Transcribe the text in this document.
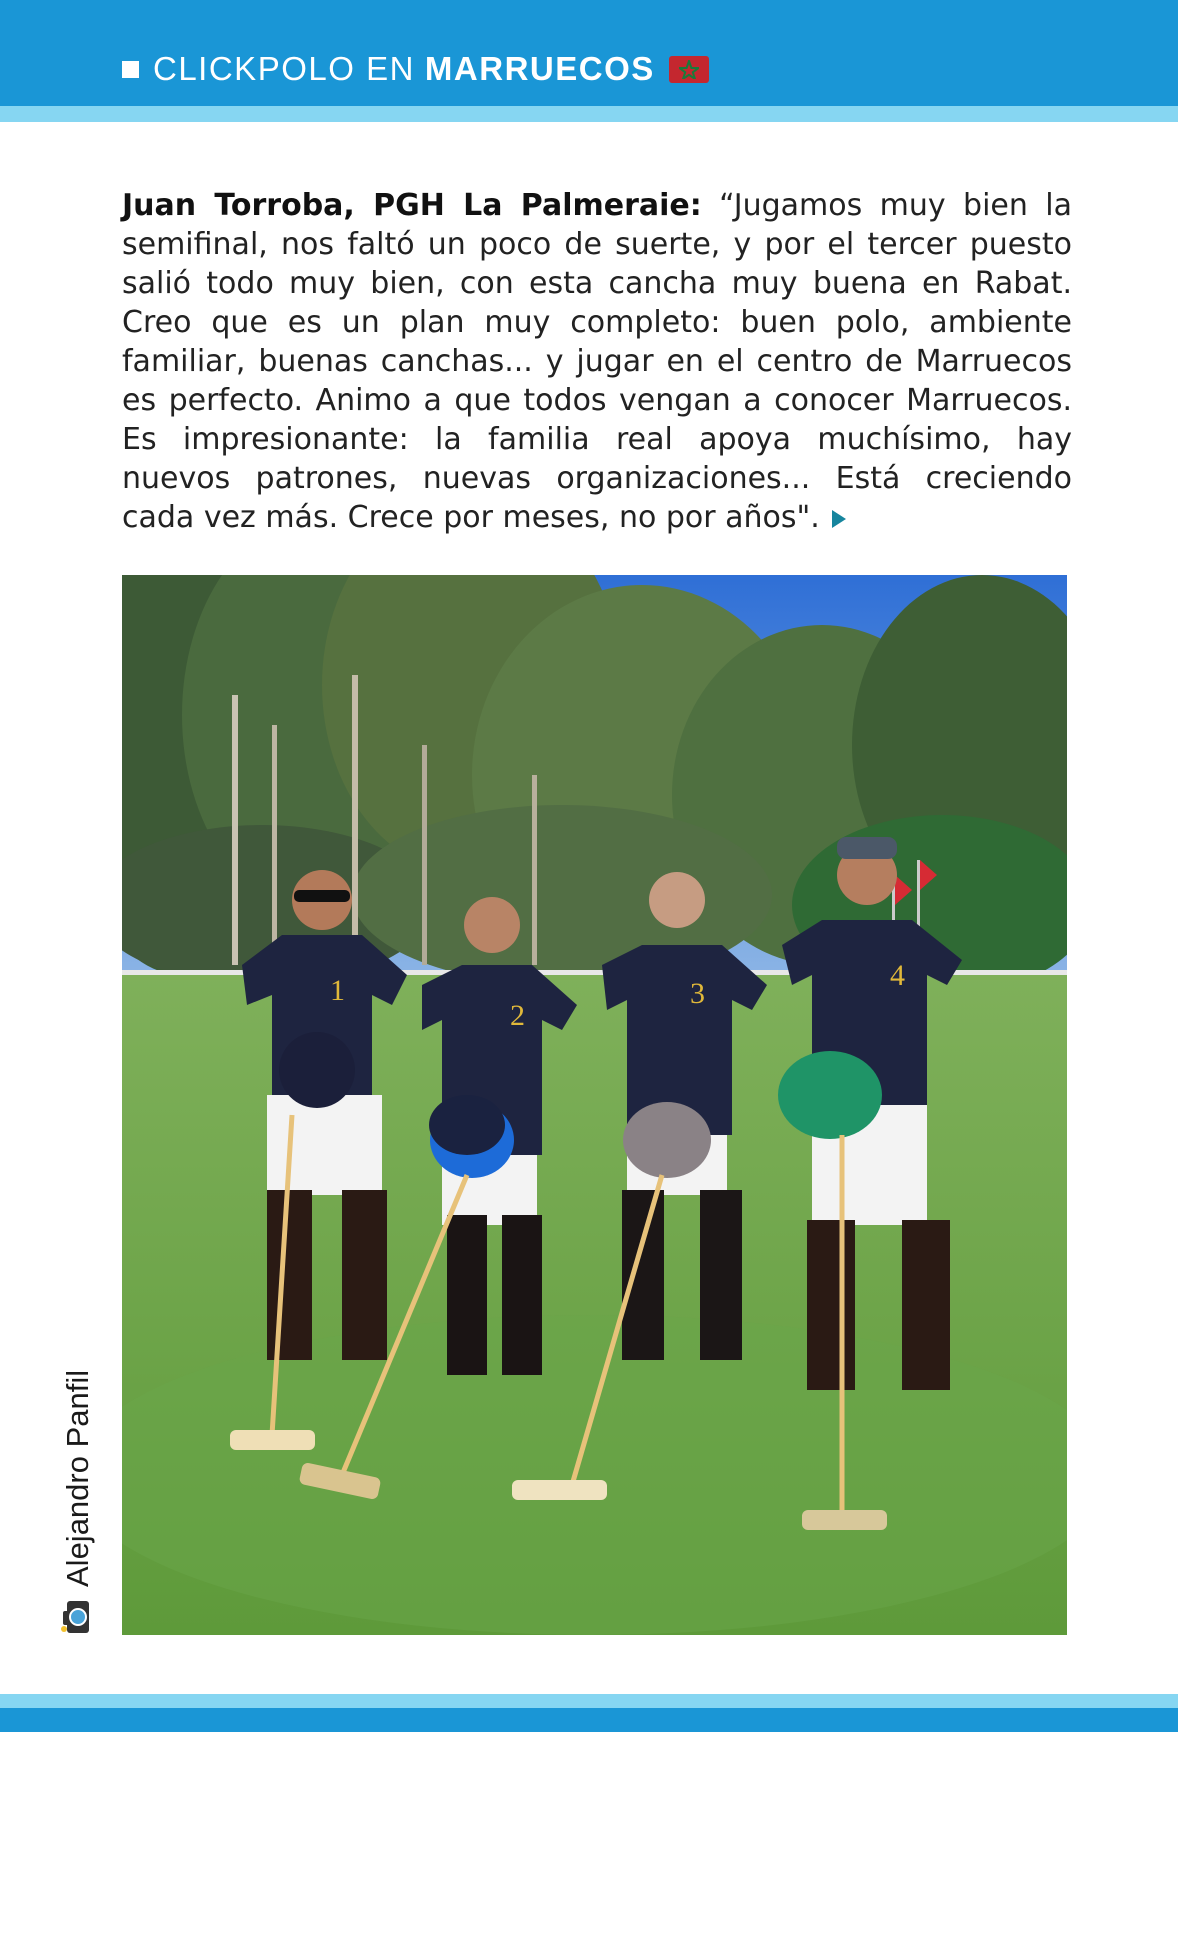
CLICKPOLO EN MARRUECOS

Juan Torroba, PGH La Palmeraie: “Jugamos muy bien la semifinal, nos faltó un poco de suerte, y por el tercer puesto salió todo muy bien, con esta cancha muy buena en Rabat. Creo que es un plan muy completo: buen polo, ambiente familiar, buenas canchas... y jugar en el centro de Marruecos es perfecto. Animo a que todos vengan a conocer Marruecos. Es impresionante: la familia real apoya muchísimo, hay nuevos patrones, nuevas organizaciones... Está creciendo cada vez más. Crece por meses, no por años".

1
2
3
4
Alejandro Panfil
